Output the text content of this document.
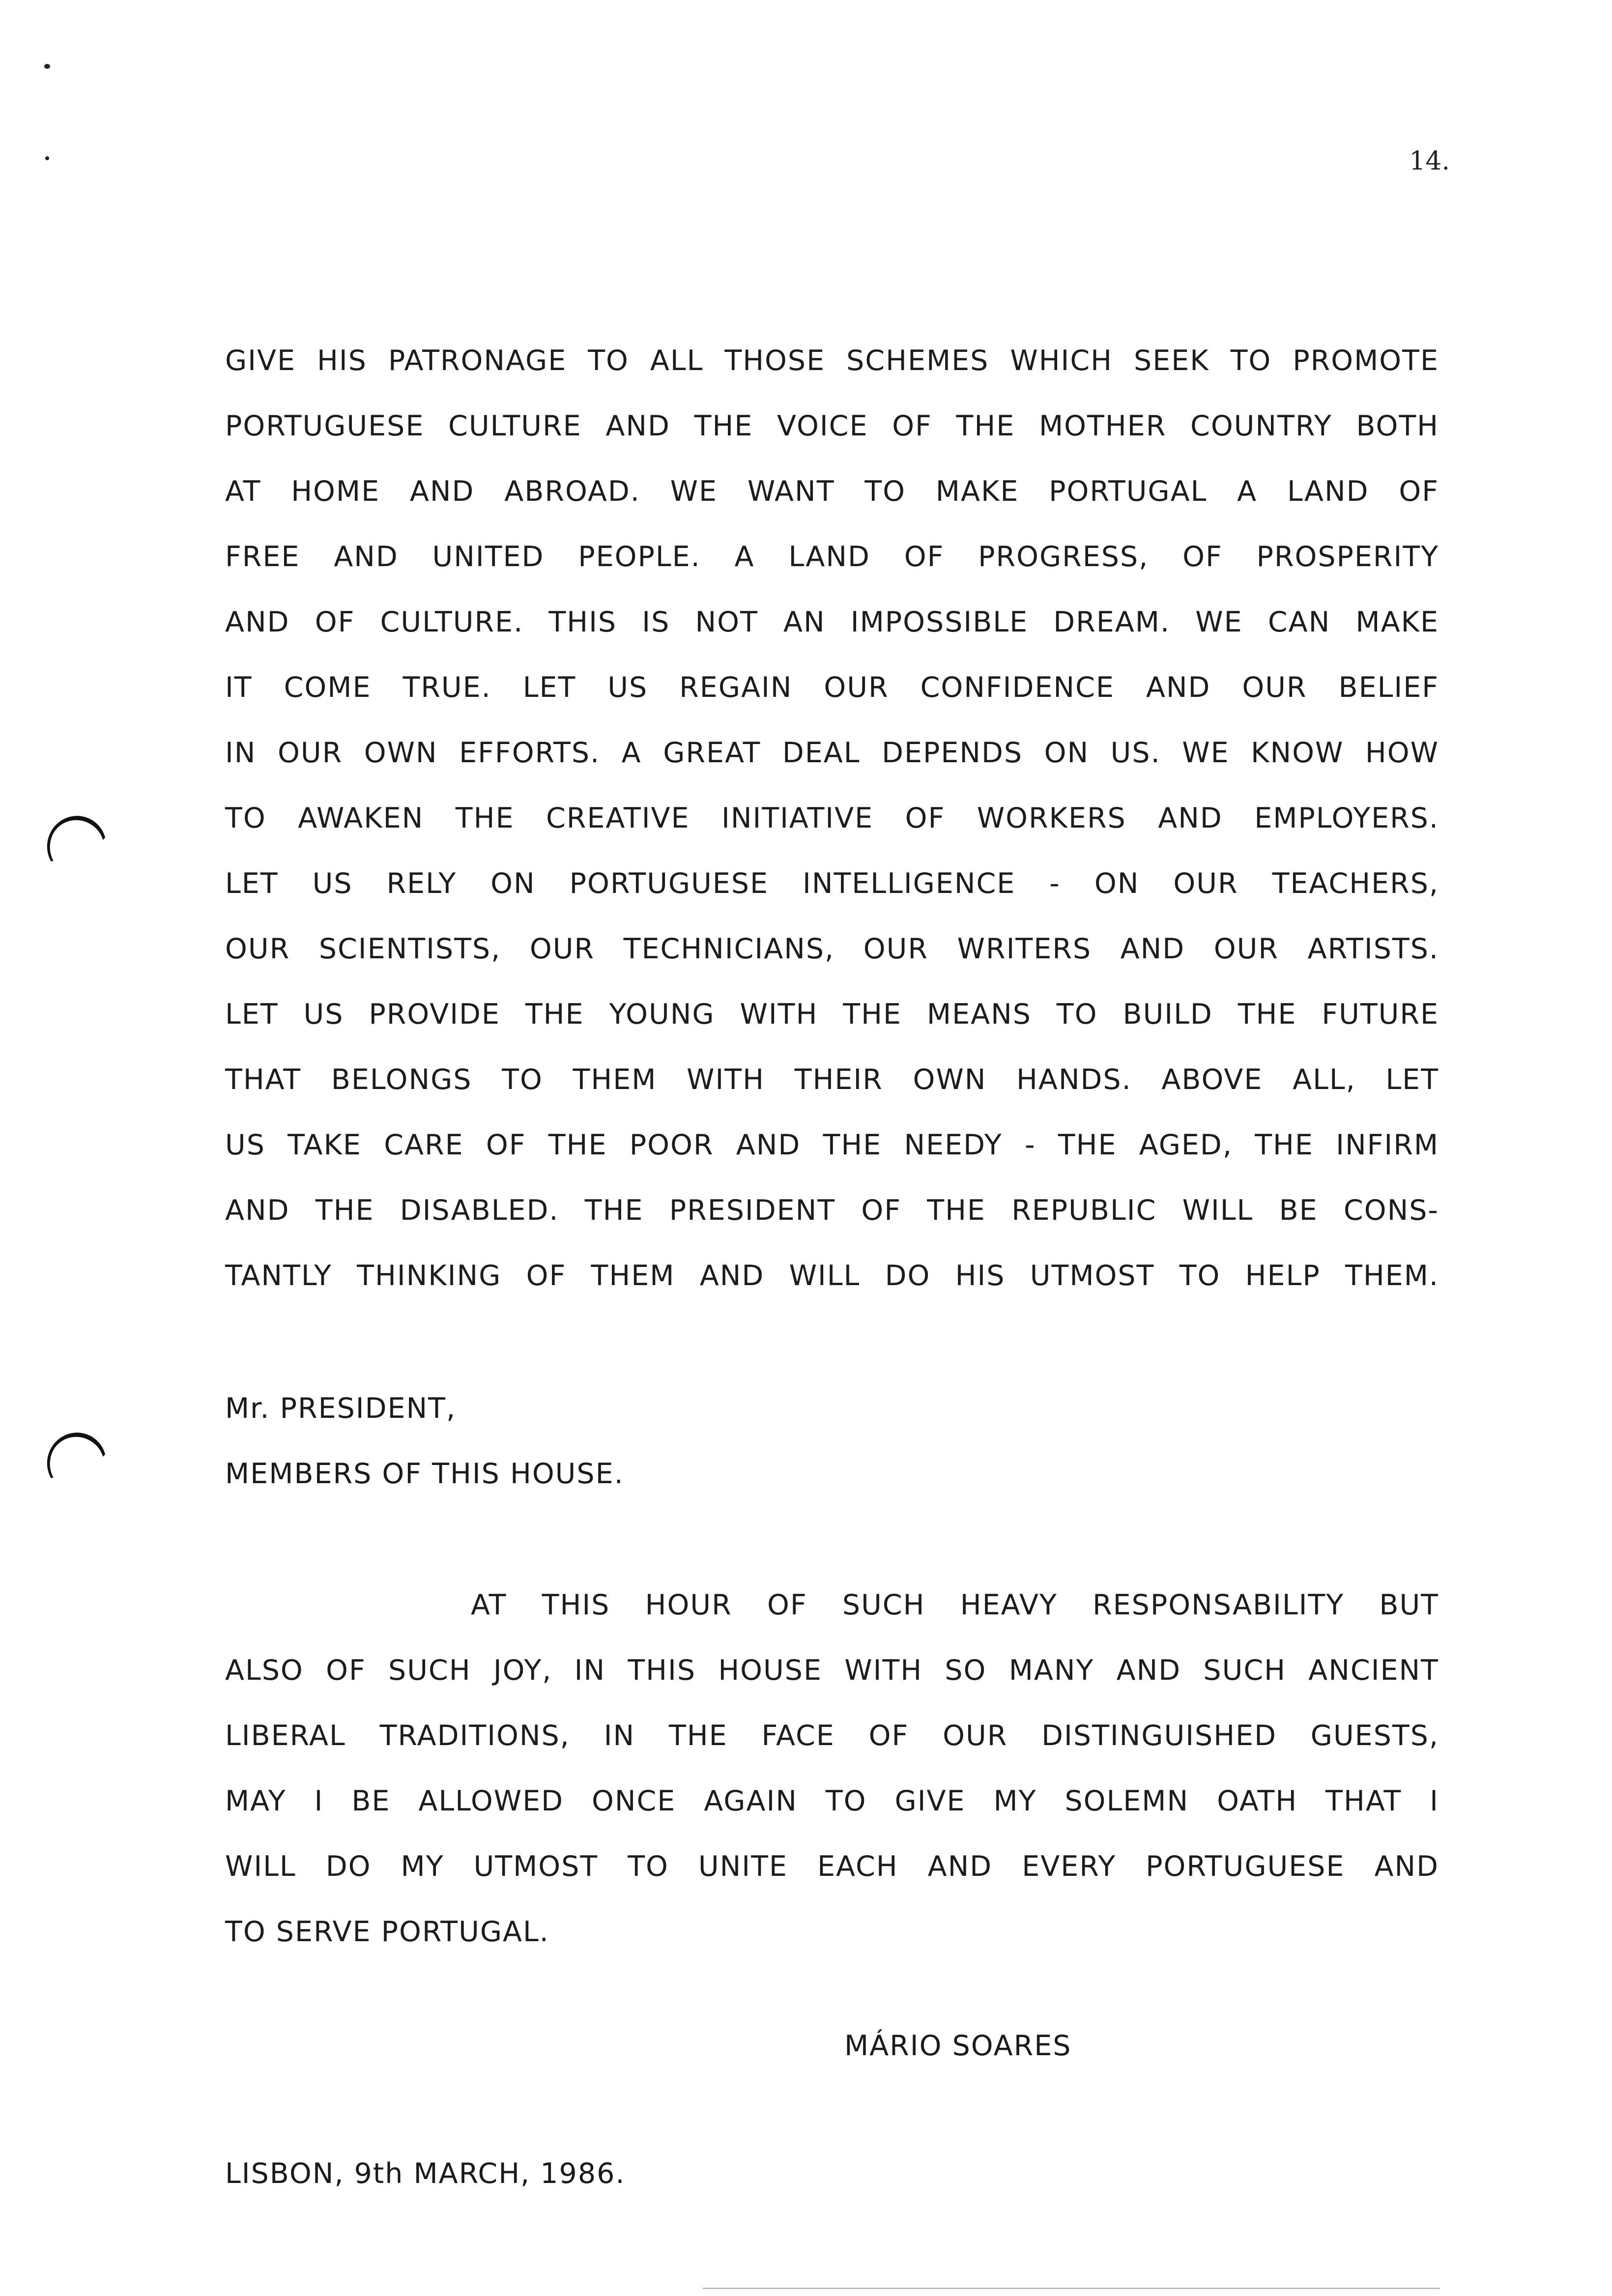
14.
GIVE HIS PATRONAGE TO ALL THOSE SCHEMES WHICH SEEK TO PROMOTE
PORTUGUESE CULTURE AND THE VOICE OF THE MOTHER COUNTRY BOTH
AT HOME AND ABROAD. WE WANT TO MAKE PORTUGAL A LAND OF
FREE AND UNITED PEOPLE. A LAND OF PROGRESS, OF PROSPERITY
AND OF CULTURE. THIS IS NOT AN IMPOSSIBLE DREAM. WE CAN MAKE
IT COME TRUE. LET US REGAIN OUR CONFIDENCE AND OUR BELIEF
IN OUR OWN EFFORTS. A GREAT DEAL DEPENDS ON US. WE KNOW HOW
TO AWAKEN THE CREATIVE INITIATIVE OF WORKERS AND EMPLOYERS.
LET US RELY ON PORTUGUESE INTELLIGENCE - ON OUR TEACHERS,
OUR SCIENTISTS, OUR TECHNICIANS, OUR WRITERS AND OUR ARTISTS.
LET US PROVIDE THE YOUNG WITH THE MEANS TO BUILD THE FUTURE
THAT BELONGS TO THEM WITH THEIR OWN HANDS. ABOVE ALL, LET
US TAKE CARE OF THE POOR AND THE NEEDY - THE AGED, THE INFIRM
AND THE DISABLED. THE PRESIDENT OF THE REPUBLIC WILL BE CONS-
TANTLY THINKING OF THEM AND WILL DO HIS UTMOST TO HELP THEM.
Mr. PRESIDENT,
MEMBERS OF THIS HOUSE.
AT THIS HOUR OF SUCH HEAVY RESPONSABILITY BUT
ALSO OF SUCH JOY, IN THIS HOUSE WITH SO MANY AND SUCH ANCIENT
LIBERAL TRADITIONS, IN THE FACE OF OUR DISTINGUISHED GUESTS,
MAY I BE ALLOWED ONCE AGAIN TO GIVE MY SOLEMN OATH THAT I
WILL DO MY UTMOST TO UNITE EACH AND EVERY PORTUGUESE AND
TO SERVE PORTUGAL.
MÁRIO SOARES
LISBON, 9th MARCH, 1986.
